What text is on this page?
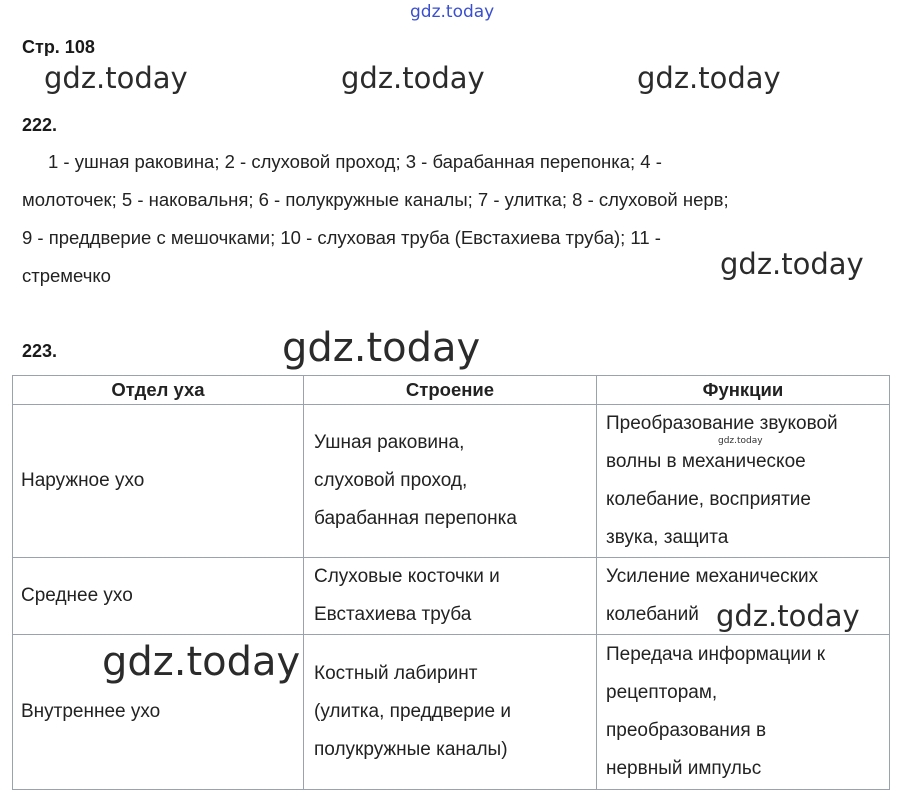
gdz.today
Стр. 108
gdz.today	gdz.today	gdz.today
222.
1 - ушная раковина; 2 - слуховой проход; 3 - барабанная перепонка; 4 -
молоточек; 5 - наковальня; 6 - полукружные каналы; 7 - улитка; 8 - слуховой нерв;
9 - преддверие с мешочками; 10 - слуховая труба (Евстахиева труба); 11 -
стремечко	gdz.today
223.	gdz.today
Отдел уха	Строение	Функции
Наружное ухо	Ушная раковина,
слуховой проход,
барабанная перепонка	Преобразование звуковой
волны в механическое
колебание, восприятие
звука, защита

Среднее ухо	Слуховые косточки и
Евстахиева труба	Усиление механических
колебаний

Внутреннее ухо	Костный лабиринт
(улитка, преддверие и
полукружные каналы)	Передача информации к
рецепторам,
преобразования в
нервный импульс
gdz.today
gdz.today
gdz.today
